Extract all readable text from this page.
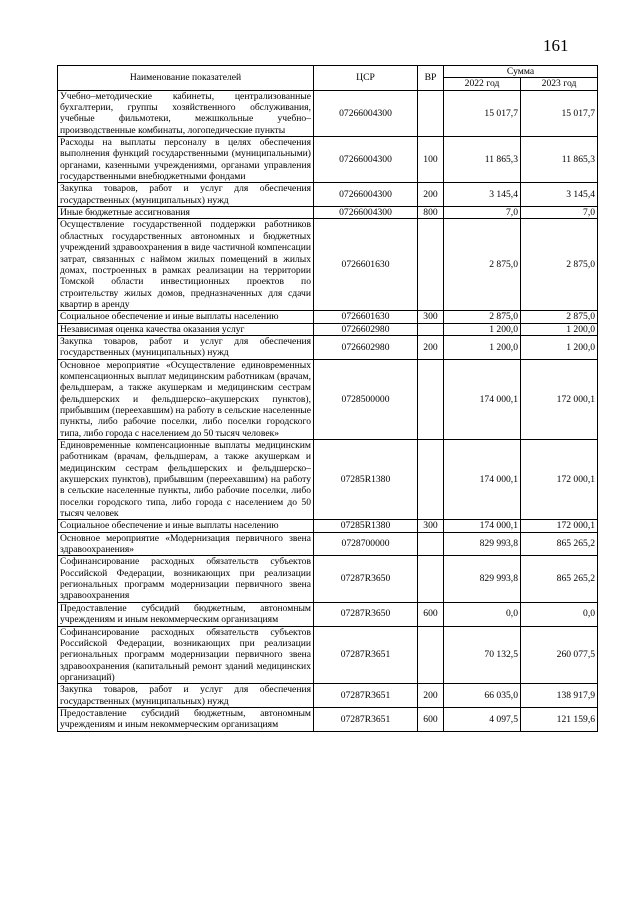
161
Наименование показателей	ЦСР	ВР	Сумма	
			2022 год	2023 год
Учебно–методические кабинеты, централизованные бухгалтерии, группы хозяйственного обслуживания, учебные фильмотеки, межшкольные учебно–производственные комбинаты, логопедические пункты	07266004300		15 017,7	15 017,7
Расходы на выплаты персоналу в целях обеспечения выполнения функций государственными (муниципальными) органами, казенными учреждениями, органами управления государственными внебюджетными фондами	07266004300	100	11 865,3	11 865,3
Закупка товаров, работ и услуг для обеспечения государственных (муниципальных) нужд	07266004300	200	3 145,4	3 145,4
Иные бюджетные ассигнования	07266004300	800	7,0	7,0
Осуществление государственной поддержки работников областных государственных автономных и бюджетных учреждений здравоохранения в виде частичной компенсации затрат, связанных с наймом жилых помещений в жилых домах, построенных в рамках реализации на территории Томской области инвестиционных проектов по строительству жилых домов, предназначенных для сдачи квартир в аренду	0726601630		2 875,0	2 875,0
Социальное обеспечение и иные выплаты населению	0726601630	300	2 875,0	2 875,0
Независимая оценка качества оказания услуг	0726602980		1 200,0	1 200,0
Закупка товаров, работ и услуг для обеспечения государственных (муниципальных) нужд	0726602980	200	1 200,0	1 200,0
Основное мероприятие «Осуществление единовременных компенсационных выплат медицинским работникам (врачам, фельдшерам, а также акушеркам и медицинским сестрам фельдшерских и фельдшерско–акушерских пунктов), прибывшим (переехавшим) на работу в сельские населенные пункты, либо рабочие поселки, либо поселки городского типа, либо города с населением до 50 тысяч человек»	0728500000		174 000,1	172 000,1
Единовременные компенсационные выплаты медицинским работникам (врачам, фельдшерам, а также акушеркам и медицинским сестрам фельдшерских и фельдшерско–акушерских пунктов), прибывшим (переехавшим) на работу в сельские населенные пункты, либо рабочие поселки, либо поселки городского типа, либо города с населением до 50 тысяч человек	07285R1380		174 000,1	172 000,1
Социальное обеспечение и иные выплаты населению	07285R1380	300	174 000,1	172 000,1
Основное мероприятие «Модернизация первичного звена здравоохранения»	0728700000		829 993,8	865 265,2
Софинансирование расходных обязательств субъектов Российской Федерации, возникающих при реализации региональных программ модернизации первичного звена здравоохранения	07287R3650		829 993,8	865 265,2
Предоставление субсидий бюджетным, автономным учреждениям и иным некоммерческим организациям	07287R3650	600	0,0	0,0
Софинансирование расходных обязательств субъектов Российской Федерации, возникающих при реализации региональных программ модернизации первичного звена здравоохранения (капитальный ремонт зданий медицинских организаций)	07287R3651		70 132,5	260 077,5
Закупка товаров, работ и услуг для обеспечения государственных (муниципальных) нужд	07287R3651	200	66 035,0	138 917,9
Предоставление субсидий бюджетным, автономным учреждениям и иным некоммерческим организациям	07287R3651	600	4 097,5	121 159,6
